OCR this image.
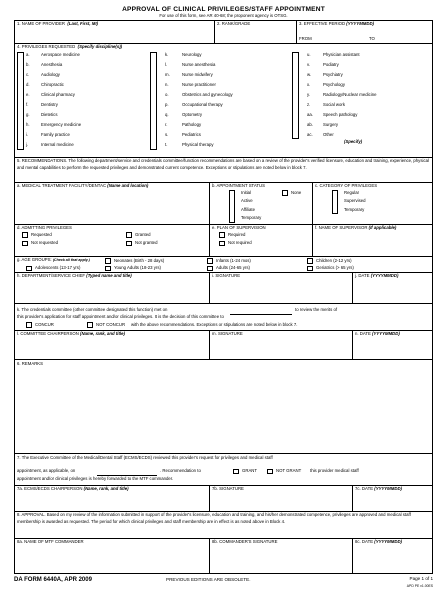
APPROVAL OF CLINICAL PRIVILEGES/STAFF APPOINTMENT
For use of this form, see AR 40-68; the proponent agency is OTSG.
1. NAME OF PROVIDER (Last, First, MI)	2. RANK/GRADE	3. EFFECTIVE PERIOD (YYYYMMDD)
FROM	TO
4. PRIVILEGES REQUESTED (Specify discipline(s))
(Specify)
5. RECOMMENDATIONS. The following department/service and credentials committee/function recommendations are based on a review of the provider's verified licensure, education and training, experience, physical and mental capabilities to perform the requested privileges and demonstrated current competence. Exceptions or stipulations are noted below in block 7.
a. MEDICAL TREATMENT FACILITY/DENTAC (Name and location)	b. APPOINTMENT STATUS	c. CATEGORY OF PRIVILEGES
Initial	None
Active
Affiliate
Temporary
Regular
Supervised
Temporary
d. ADMITTING PRIVILEGES
Requested	Granted
Not requested	Not granted
e. PLAN OF SUPERVISION
Required
Not required
f. NAME OF SUPERVISOR (If applicable)
g. AGE GROUPS: (Check all that apply.)	Neonates (Birth - 28 days)	Infants (1-24 mos)	Children (2-12 yrs)
Adolescents (13-17 yrs)	Young Adults (18-23 yrs)	Adults (24-65 yrs)	Geriatrics (> 65 yrs)
h. DEPARTMENT/SERVICE CHIEF (Typed name and title)	i. SIGNATURE	j. DATE (YYYYMMDD)
k. The credentials committee (other committee designated this function) met on	to review the merits of
this provider's application for staff appointment and/or clinical privileges. It is the decision of this committee to
CONCUR	NOT CONCUR with the above recommendations. Exceptions or stipulations are noted below in block 7.
l. COMMITTEE CHAIRPERSON (Name, rank, and title)	m. SIGNATURE	n. DATE (YYYYMMDD)
6. REMARKS
7. The Executive Committee of the Medical/Dental Staff (ECMS/ECDS) reviewed this provider's request for privileges and medical staff
appointment, as applicable, on	. Recommendation to	GRANT	NOT GRANT this provider medical staff
appointment and/or clinical privileges is hereby forwarded to the MTF commander.
7a. ECMS/ECDS CHAIRPERSON (Name, rank, and title)	7b. SIGNATURE	7c. DATE (YYYYMMDD)
8. APPROVAL. Based on my review of the information submitted in support of the provider's licensure, education and training, and his/her demonstrated competence, privileges are approved and medical staff membership is awarded as requested. The period for which clinical privileges and staff membership are in effect is as noted above in Block 4.
8a. NAME OF MTF COMMANDER	8b. COMMANDER'S SIGNATURE	8c. DATE (YYYYMMDD)
DA FORM 6440A, APR 2009	PREVIOUS EDITIONS ARE OBSOLETE.	Page 1 of 1
APD PE v1.00ES
a.	Aerospace medicine
b.	Anesthesia
c.	Audiology
d.	Chiropractic
e.	Clinical pharmacy
f.	Dentistry
g.	Dietetics
h.	Emergency medicine
i.	Family practice
j.	Internal medicine
k.	Neurology
l.	Nurse anesthesia
m.	Nurse midwifery
n.	Nurse practitioner
o.	Obstetrics and gynecology
p.	Occupational therapy
q.	Optometry
r.	Pathology
s.	Pediatrics
t.	Physical therapy
u.	Physician assistant
v.	Podiatry
w.	Psychiatry
x.	Psychology
y.	Radiology/Nuclear medicine
z.	Social work
aa. Speech pathology
ab. Surgery
ac. Other
